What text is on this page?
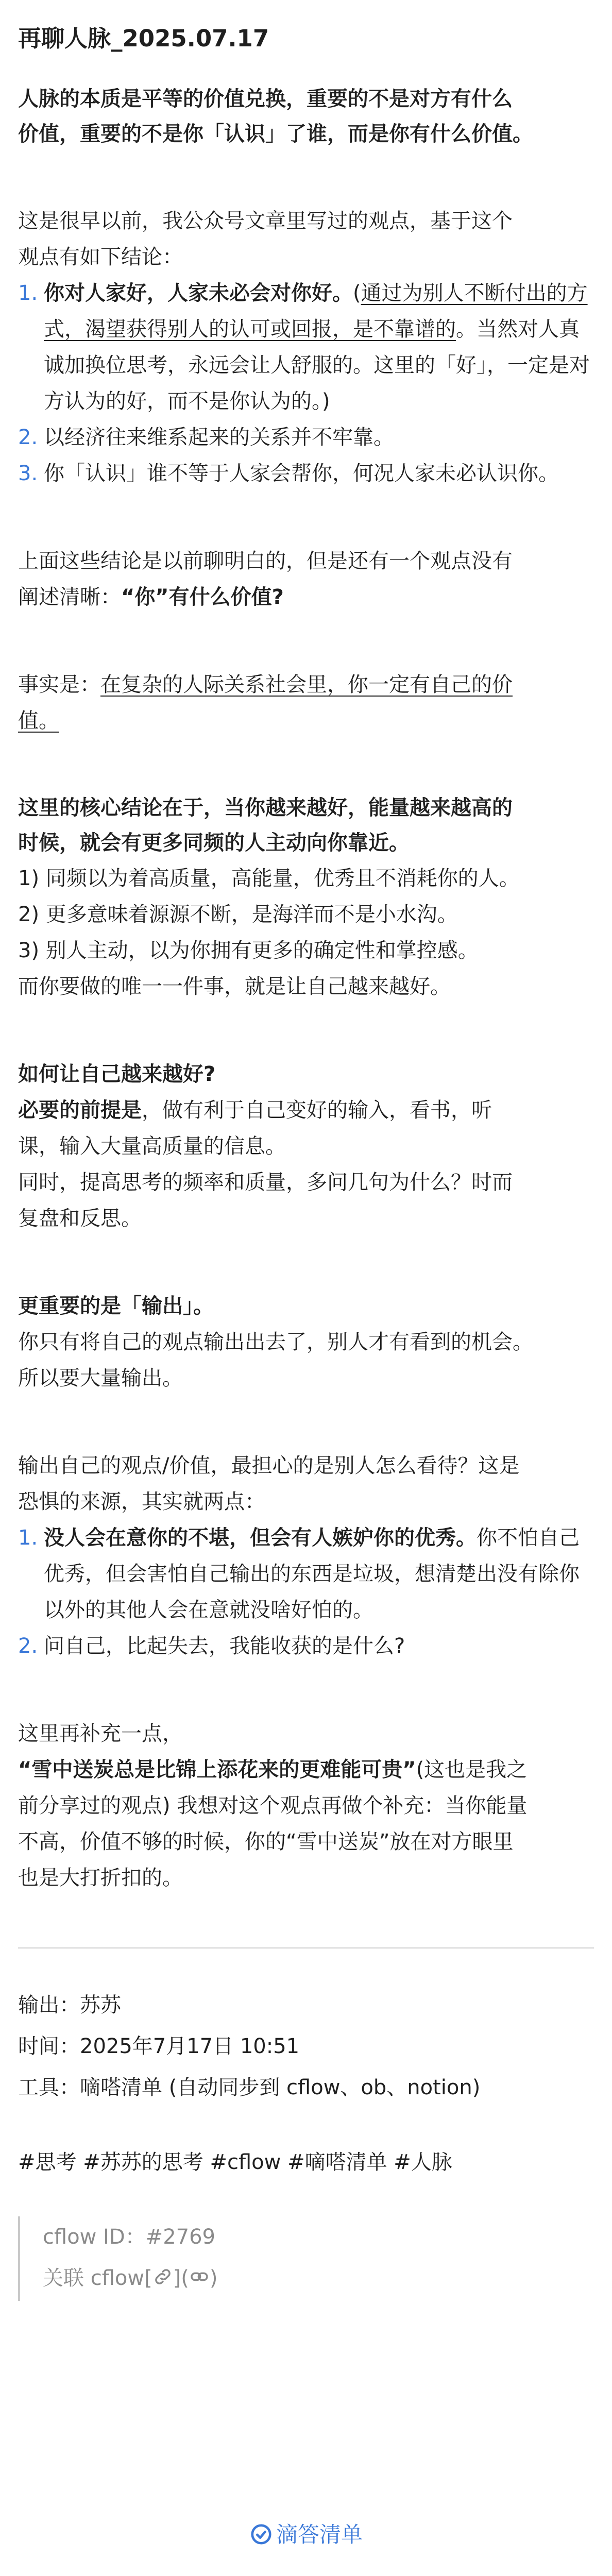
再聊人脉_2025.07.17

人脉的本质是平等的价值兑换，重要的不是对方有什么

价值，重要的不是你「认识」了谁，而是你有什么价值。

这是很早以前，我公众号文章里写过的观点，基于这个

观点有如下结论：

1. 你对人家好，人家未必会对你好。(通过为别人不断付出的方式，渴望获得别人的认可或回报，是不靠谱的。当然对人真诚加换位思考，永远会让人舒服的。这里的「好」，一定是对方认为的好，而不是你认为的。)
2. 以经济往来维系起来的关系并不牢靠。
3. 你「认识」谁不等于人家会帮你，何况人家未必认识你。

上面这些结论是以前聊明白的，但是还有一个观点没有

阐述清晰：“你”有什么价值?

事实是：在复杂的人际关系社会里，你一定有自己的价

值。

这里的核心结论在于，当你越来越好，能量越来越高的

时候，就会有更多同频的人主动向你靠近。

1) 同频以为着高质量，高能量，优秀且不消耗你的人。

2) 更多意味着源源不断，是海洋而不是小水沟。

3) 别人主动，以为你拥有更多的确定性和掌控感。

而你要做的唯一一件事，就是让自己越来越好。

如何让自己越来越好?

必要的前提是，做有利于自己变好的输入，看书，听

课，输入大量高质量的信息。

同时，提高思考的频率和质量，多问几句为什么？时而

复盘和反思。

更重要的是「输出」。

你只有将自己的观点输出出去了，别人才有看到的机会。

所以要大量输出。

输出自己的观点/价值，最担心的是别人怎么看待？这是

恐惧的来源，其实就两点：

1. 没人会在意你的不堪，但会有人嫉妒你的优秀。你不怕自己优秀，但会害怕自己输出的东西是垃圾，想清楚出没有除你以外的其他人会在意就没啥好怕的。
2. 问自己，比起失去，我能收获的是什么?

这里再补充一点，

“雪中送炭总是比锦上添花来的更难能可贵”(这也是我之

前分享过的观点) 我想对这个观点再做个补充：当你能量

不高，价值不够的时候，你的“雪中送炭”放在对方眼里

也是大打折扣的。

输出：苏苏

时间：2025年7月17日 10:51

工具：嘀嗒清单 (自动同步到 cflow、ob、notion)

#思考 #苏苏的思考 #cflow #嘀嗒清单 #人脉

cflow ID：#2769
关联 cflow[ ]( )
滴答清单
